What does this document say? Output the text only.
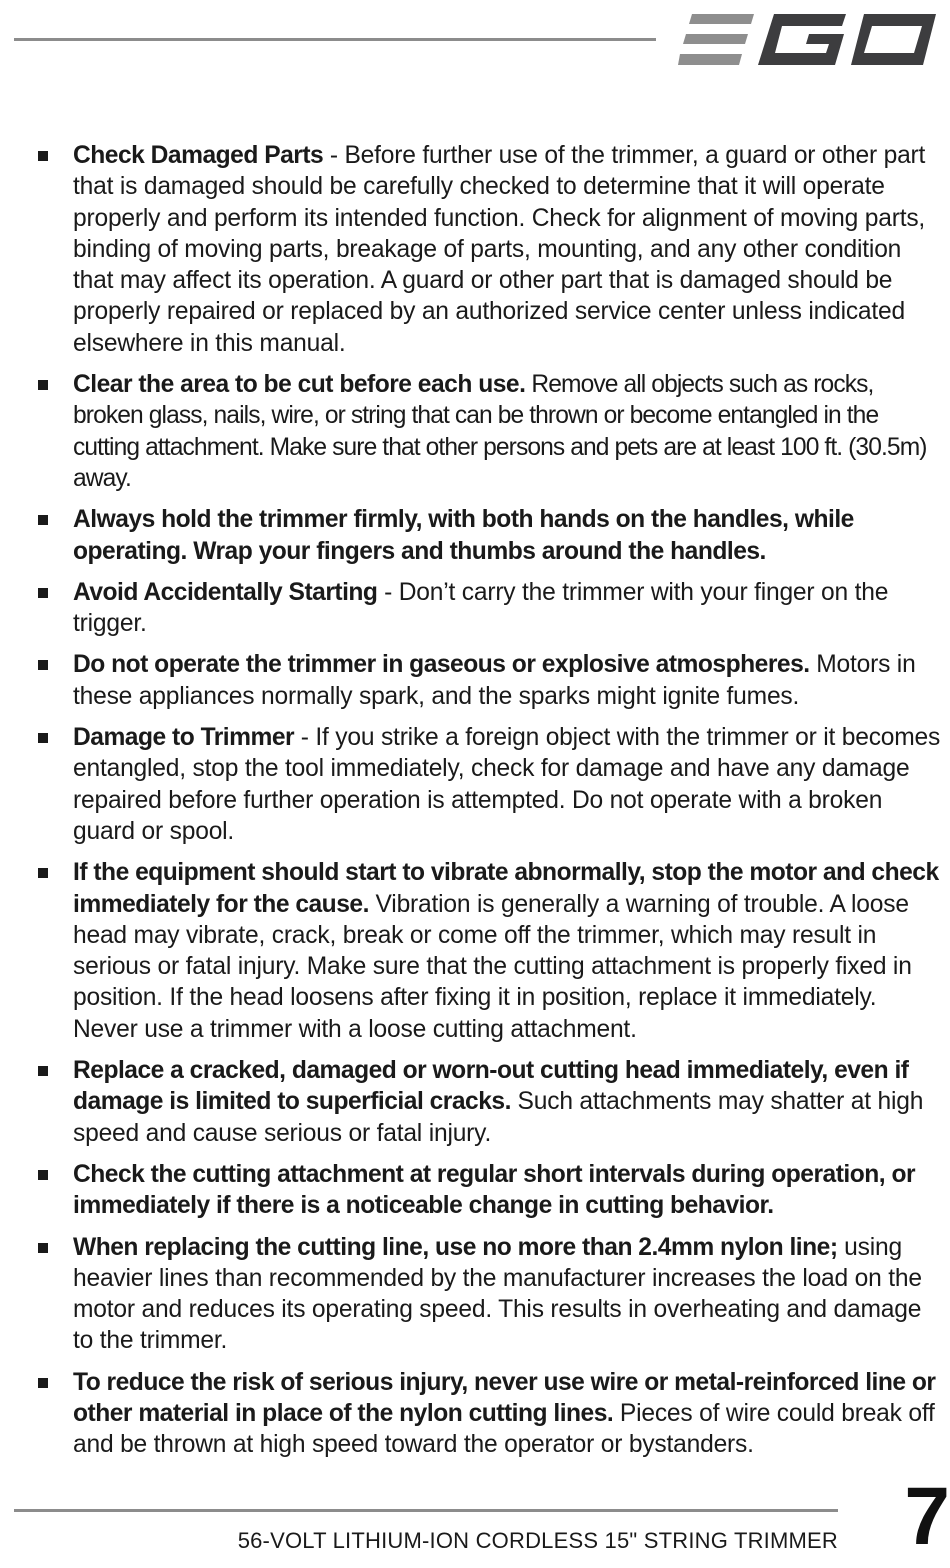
Check Damaged Parts - Before further use of the trimmer, a guard or other part that is damaged should be carefully checked to determine that it will operate properly and perform its intended function. Check for alignment of moving parts, binding of moving parts, breakage of parts, mounting, and any other condition that may affect its operation. A guard or other part that is damaged should be properly repaired or replaced by an authorized service center unless indicated elsewhere in this manual.
Clear the area to be cut before each use. Remove all objects such as rocks, broken glass, nails, wire, or string that can be thrown or become entangled in the cutting attachment. Make sure that other persons and pets are at least 100 ft. (30.5m) away.
Always hold the trimmer firmly, with both hands on the handles, while operating. Wrap your fingers and thumbs around the handles.
Avoid Accidentally Starting - Don’t carry the trimmer with your finger on the trigger.
Do not operate the trimmer in gaseous or explosive atmospheres. Motors in these appliances normally spark, and the sparks might ignite fumes.
Damage to Trimmer - If you strike a foreign object with the trimmer or it becomes entangled, stop the tool immediately, check for damage and have any damage repaired before further operation is attempted. Do not operate with a broken guard or spool.
If the equipment should start to vibrate abnormally, stop the motor and check immediately for the cause. Vibration is generally a warning of trouble. A loose head may vibrate, crack, break or come off the trimmer, which may result in serious or fatal injury. Make sure that the cutting attachment is properly fixed in position. If the head loosens after fixing it in position, replace it immediately. Never use a trimmer with a loose cutting attachment.
Replace a cracked, damaged or worn-out cutting head immediately, even if damage is limited to superficial cracks. Such attachments may shatter at high speed and cause serious or fatal injury.
Check the cutting attachment at regular short intervals during operation, or immediately if there is a noticeable change in cutting behavior.
When replacing the cutting line, use no more than 2.4mm nylon line; using heavier lines than recommended by the manufacturer increases the load on the motor and reduces its operating speed. This results in overheating and damage to the trimmer.
To reduce the risk of serious injury, never use wire or metal-reinforced line or other material in place of the nylon cutting lines. Pieces of wire could break off and be thrown at high speed toward the operator or bystanders.
56-VOLT LITHIUM-ION CORDLESS 15" STRING TRIMMER 7
